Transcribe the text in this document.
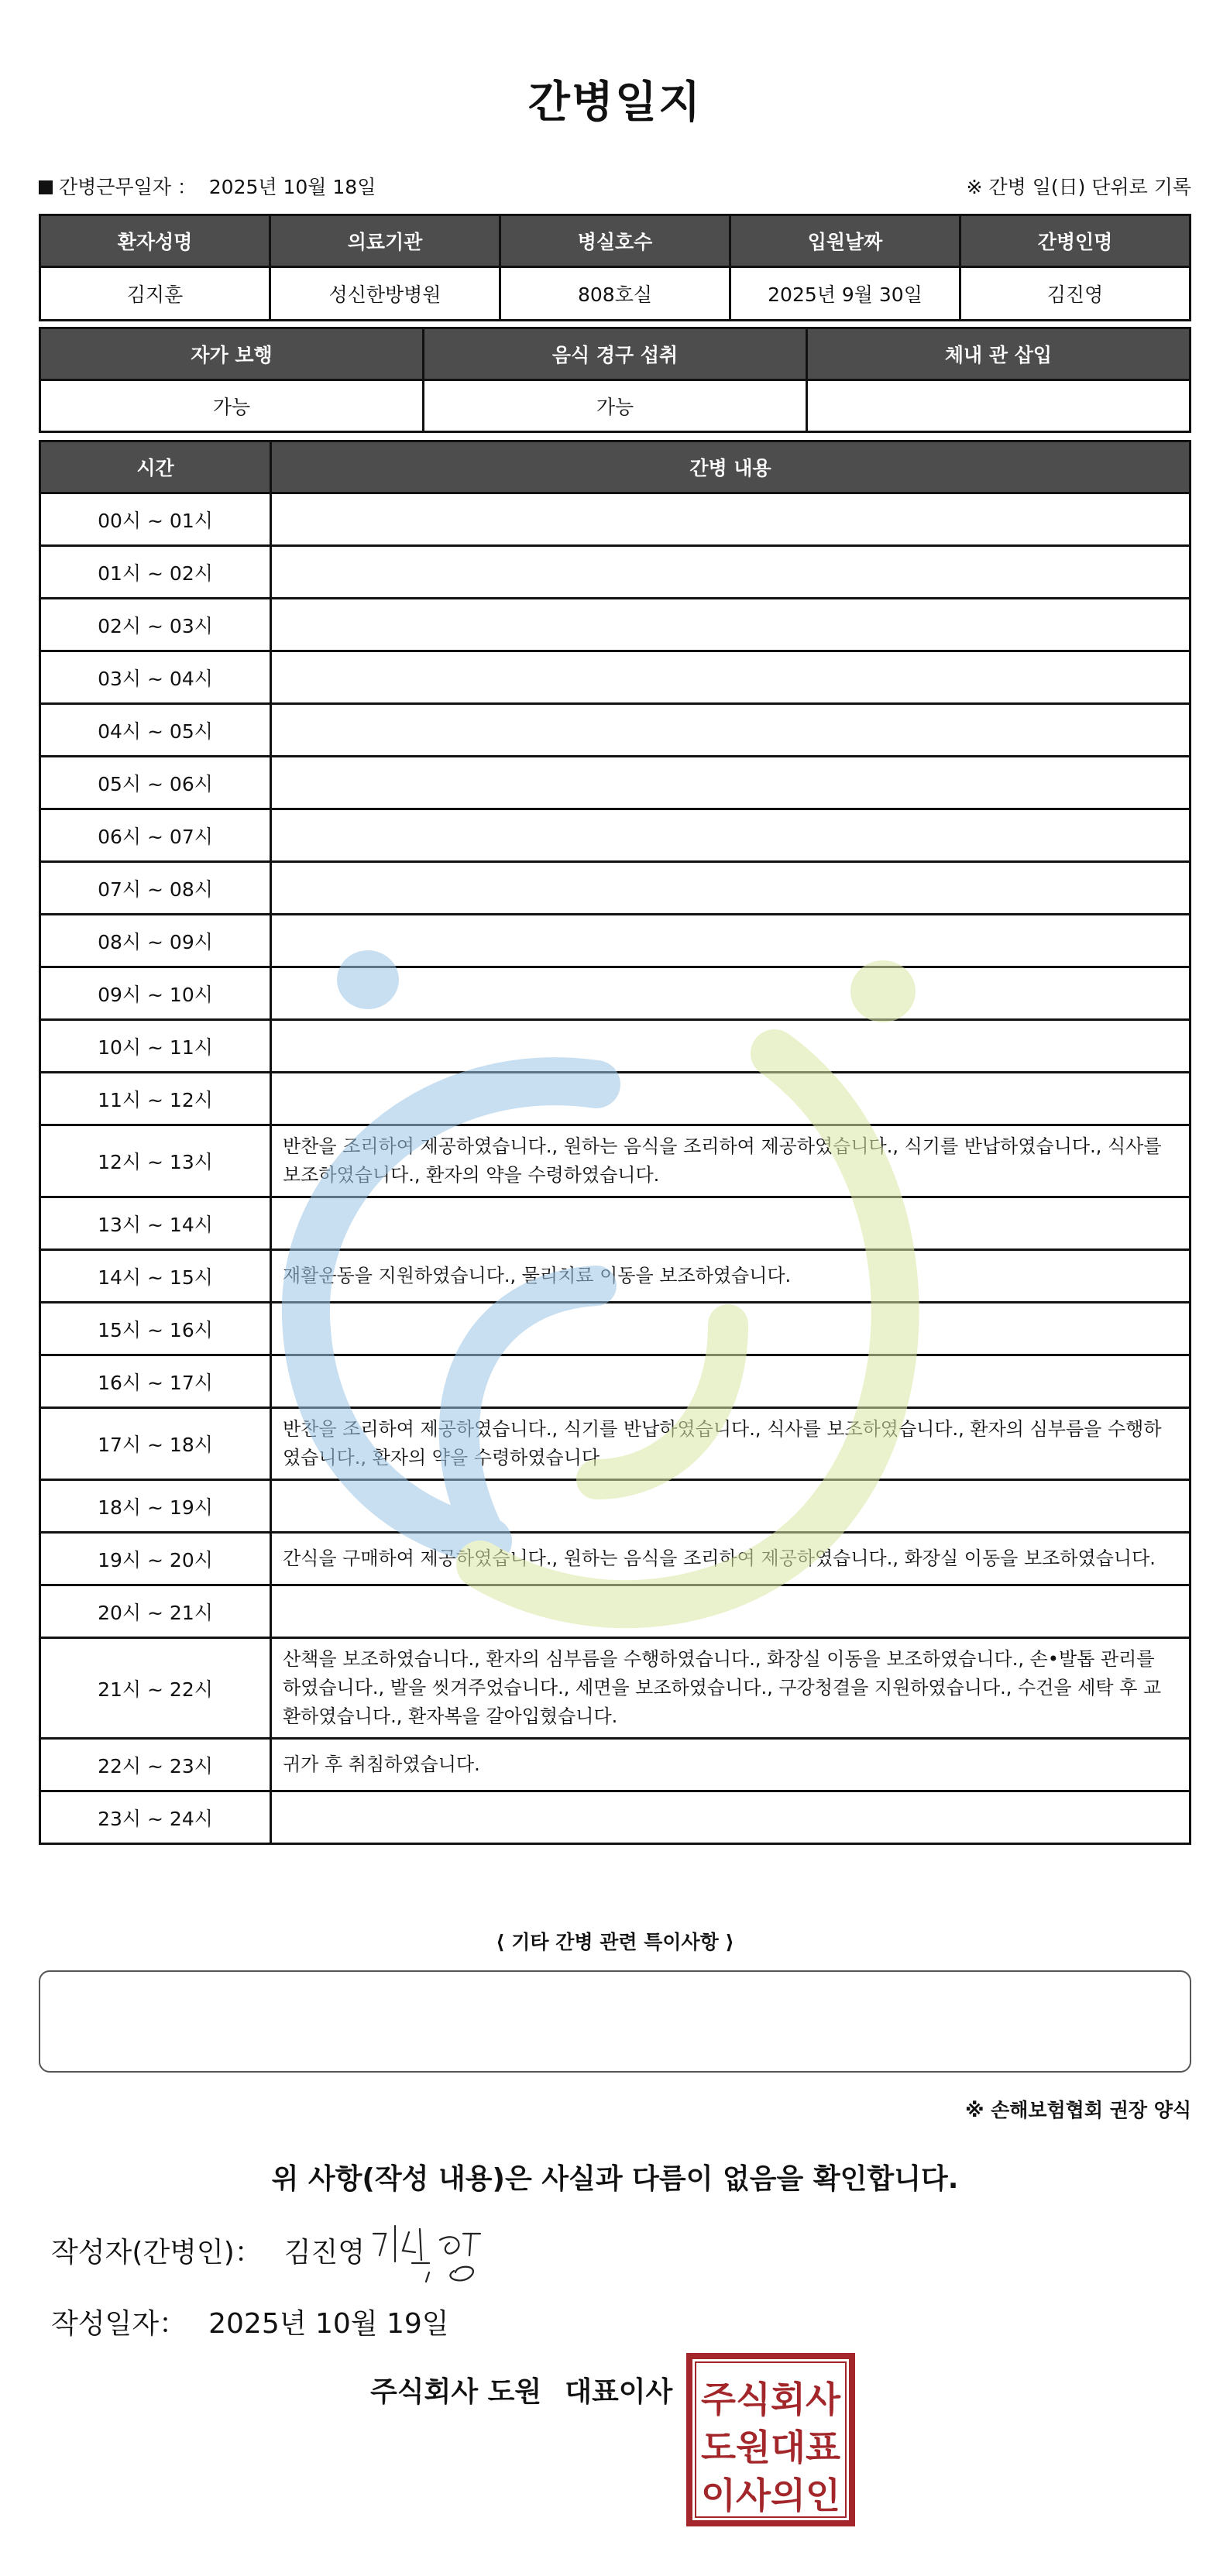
간병일지
간병근무일자 ： 2025년 10월 18일	※ 간병 일(日) 단위로 기록
환자성명	의료기관	병실호수	입원날짜	간병인명
김지훈	성신한방병원	808호실	2025년 9월 30일	김진영
자가 보행	음식 경구 섭취	체내 관 삽입
가능	가능	
시간	간병 내용
00시 ~ 01시	
01시 ~ 02시	
02시 ~ 03시	
03시 ~ 04시	
04시 ~ 05시	
05시 ~ 06시	
06시 ~ 07시	
07시 ~ 08시	
08시 ~ 09시	
09시 ~ 10시	
10시 ~ 11시	
11시 ~ 12시	
12시 ~ 13시	반찬을 조리하여 제공하였습니다., 원하는 음식을 조리하여 제공하였습니다., 식기를 반납하였습니다., 식사를 보조하였습니다., 환자의 약을 수령하였습니다.
13시 ~ 14시	
14시 ~ 15시	재활운동을 지원하였습니다., 물리치료 이동을 보조하였습니다.
15시 ~ 16시	
16시 ~ 17시	
17시 ~ 18시	반찬을 조리하여 제공하였습니다., 식기를 반납하였습니다., 식사를 보조하였습니다., 환자의 심부름을 수행하였습니다., 환자의 약을 수령하였습니다
18시 ~ 19시	
19시 ~ 20시	간식을 구매하여 제공하였습니다., 원하는 음식을 조리하여 제공하였습니다., 화장실 이동을 보조하였습니다.
20시 ~ 21시	
21시 ~ 22시	산책을 보조하였습니다., 환자의 심부름을 수행하였습니다., 화장실 이동을 보조하였습니다., 손•발톱 관리를 하였습니다., 발을 씻겨주었습니다., 세면을 보조하였습니다., 구강청결을 지원하였습니다., 수건을 세탁 후 교환하였습니다., 환자복을 갈아입혔습니다.
22시 ~ 23시	귀가 후 취침하였습니다.
23시 ~ 24시	
⟨ 기타 간병 관련 특이사항 ⟩
※ 손해보험협회 권장 양식
위 사항(작성 내용)은 사실과 다름이 없음을 확인합니다.
작성자(간병인)： 김진영
작성일자： 2025년 10월 19일
주식회사 도원 대표이사 주식회사
도원대표
이사의인
